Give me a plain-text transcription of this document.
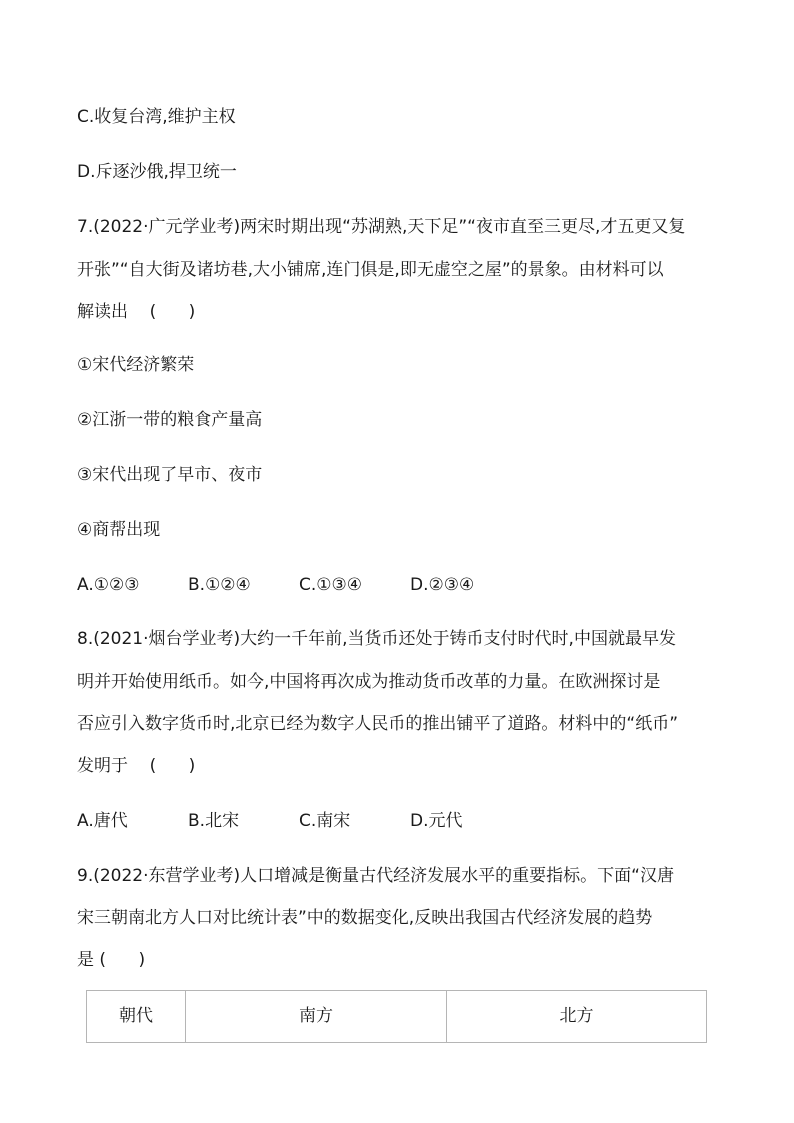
C.收复台湾,维护主权
D.斥逐沙俄,捍卫统一
7.(2022·广元学业考)两宋时期出现“苏湖熟,天下足”“夜市直至三更尽,才五更又复
开张”“自大街及诸坊巷,大小铺席,连门俱是,即无虚空之屋”的景象。由材料可以
解读出    (      )
①宋代经济繁荣
②江浙一带的粮食产量高
③宋代出现了早市、夜市
④商帮出现
A.①②③	B.①②④	C.①③④	D.②③④
8.(2021·烟台学业考)大约一千年前,当货币还处于铸币支付时代时,中国就最早发
明并开始使用纸币。如今,中国将再次成为推动货币改革的力量。在欧洲探讨是
否应引入数字货币时,北京已经为数字人民币的推出铺平了道路。材料中的“纸币”
发明于    (      )
A.唐代	B.北宋	C.南宋	D.元代
9.(2022·东营学业考)人口增减是衡量古代经济发展水平的重要指标。下面“汉唐
宋三朝南北方人口对比统计表”中的数据变化,反映出我国古代经济发展的趋势
是 (      )
朝代	南方	北方
